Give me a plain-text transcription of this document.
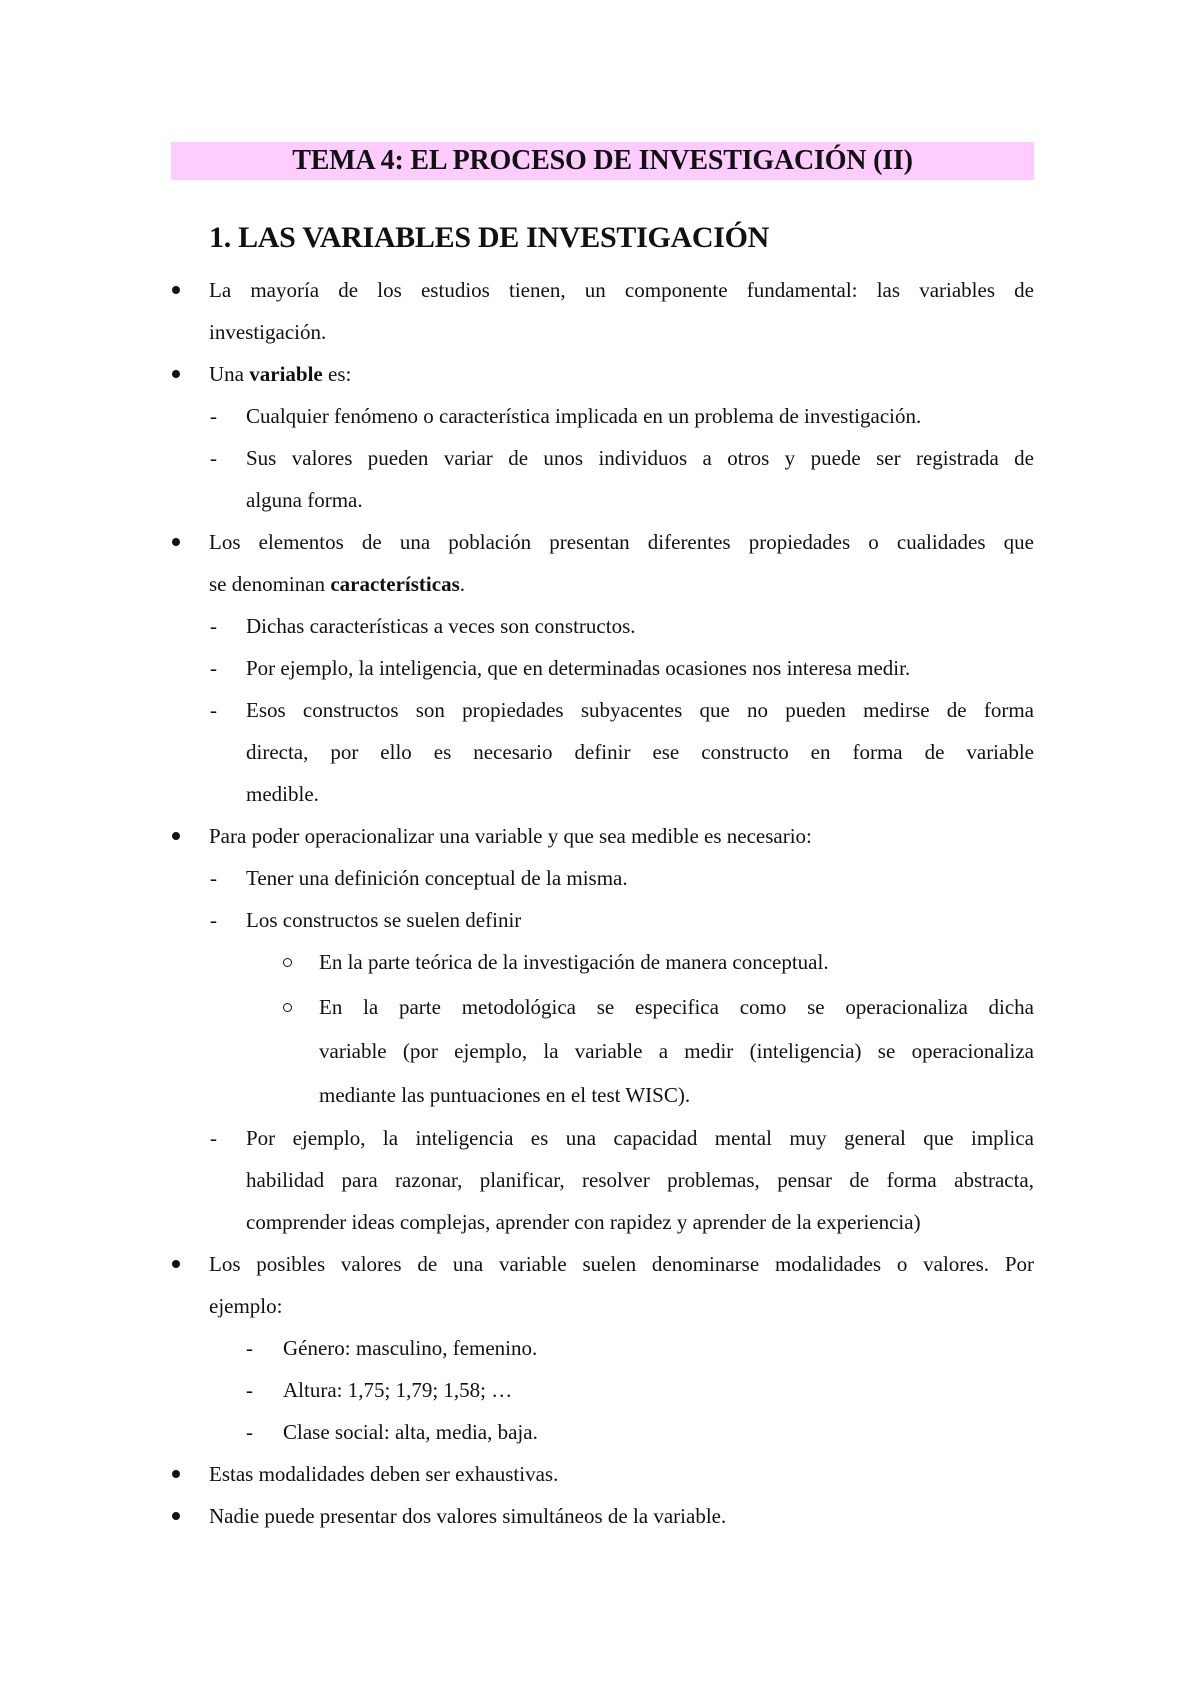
TEMA 4: EL PROCESO DE INVESTIGACIÓN (II)
1. LAS VARIABLES DE INVESTIGACIÓN
La mayoría de los estudios tienen, un componente fundamental: las variables de
investigación.
Una variable es:
- Cualquier fenómeno o característica implicada en un problema de investigación.
- Sus valores pueden variar de unos individuos a otros y puede ser registrada de
alguna forma.
Los elementos de una población presentan diferentes propiedades o cualidades que
se denominan características.
- Dichas características a veces son constructos.
- Por ejemplo, la inteligencia, que en determinadas ocasiones nos interesa medir.
- Esos constructos son propiedades subyacentes que no pueden medirse de forma
directa, por ello es necesario definir ese constructo en forma de variable
medible.
Para poder operacionalizar una variable y que sea medible es necesario:
- Tener una definición conceptual de la misma.
- Los constructos se suelen definir
En la parte teórica de la investigación de manera conceptual.
En la parte metodológica se especifica como se operacionaliza dicha
variable (por ejemplo, la variable a medir (inteligencia) se operacionaliza
mediante las puntuaciones en el test WISC).
- Por ejemplo, la inteligencia es una capacidad mental muy general que implica
habilidad para razonar, planificar, resolver problemas, pensar de forma abstracta,
comprender ideas complejas, aprender con rapidez y aprender de la experiencia)
Los posibles valores de una variable suelen denominarse modalidades o valores. Por
ejemplo:
- Género: masculino, femenino.
- Altura: 1,75; 1,79; 1,58; …
- Clase social: alta, media, baja.
Estas modalidades deben ser exhaustivas.
Nadie puede presentar dos valores simultáneos de la variable.
